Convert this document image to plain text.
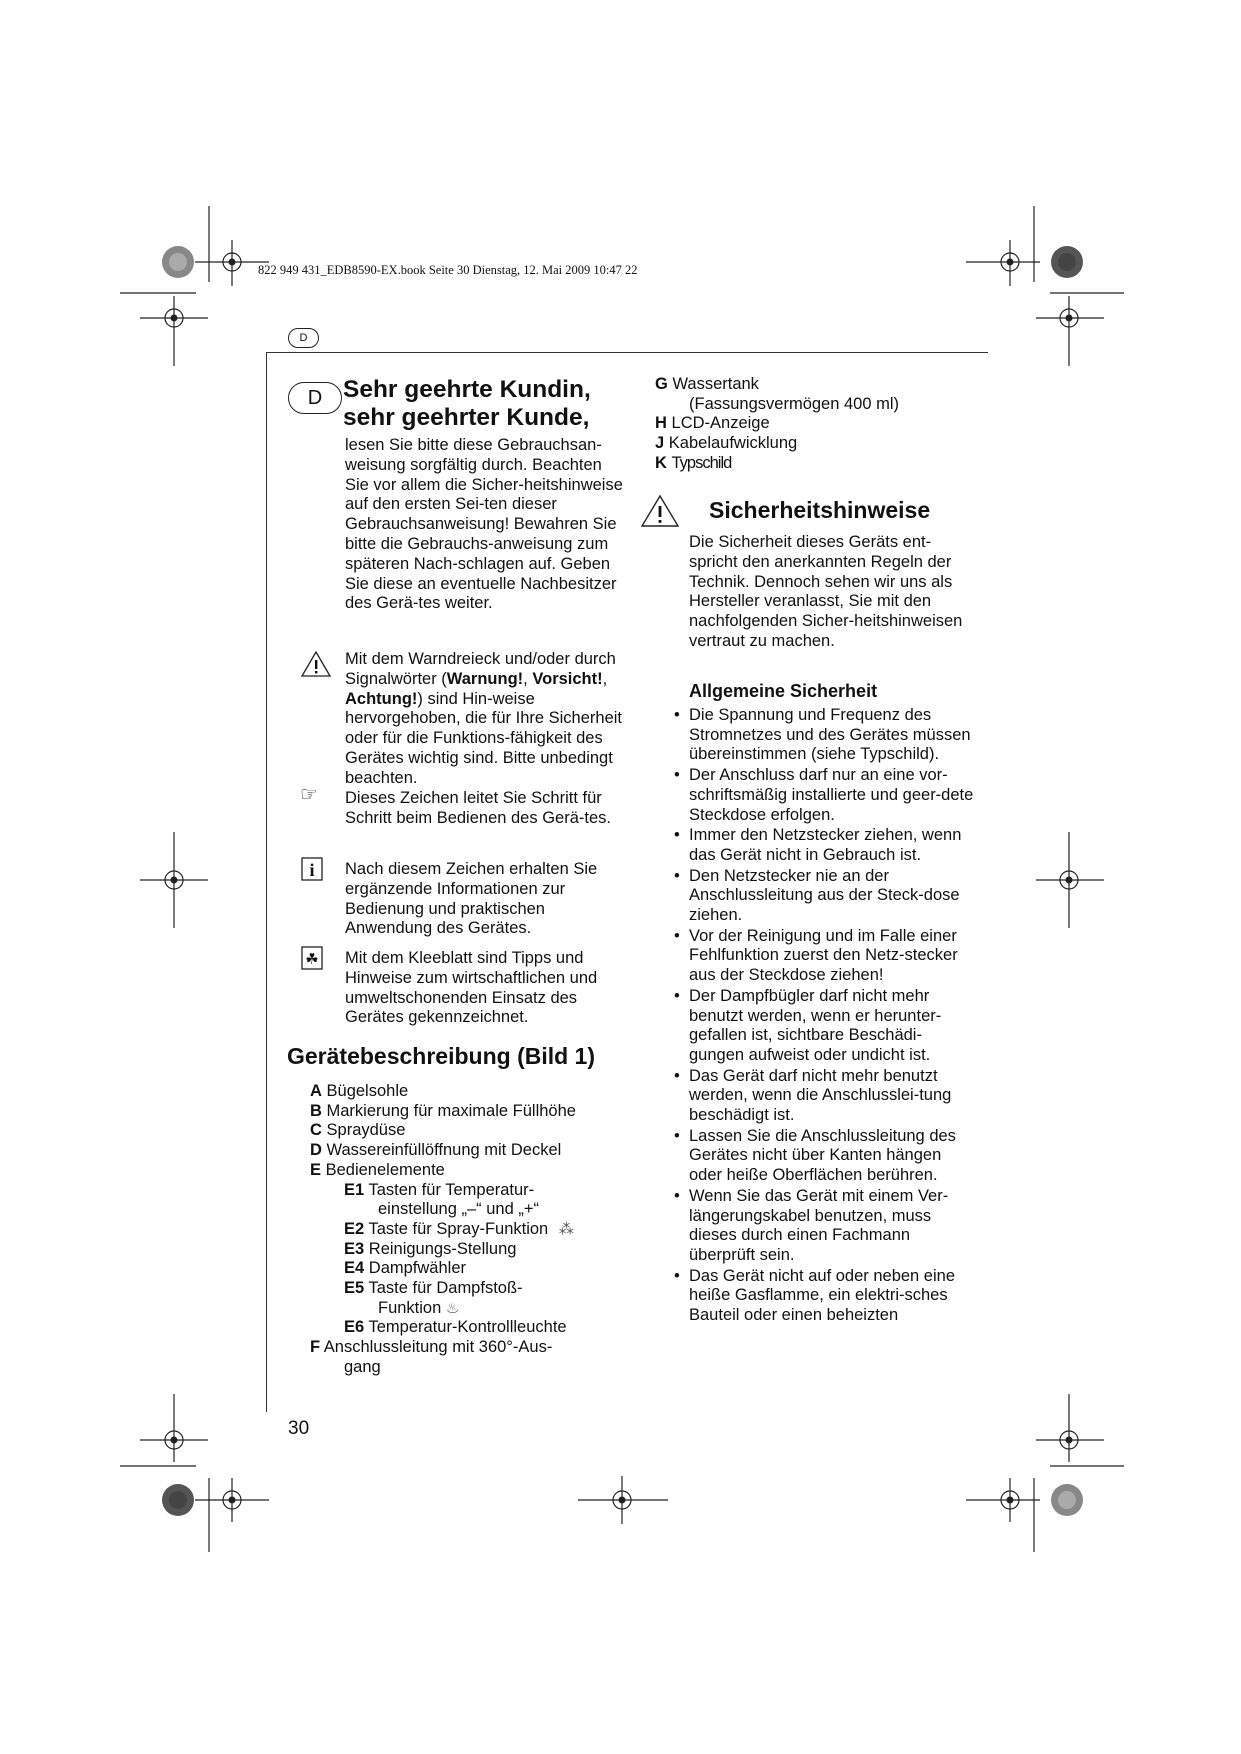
822 949 431_EDB8590-EX.book Seite 30 Dienstag, 12. Mai 2009 10:47 22
D
D Sehr geehrte Kundin,
sehr geehrter Kunde,
lesen Sie bitte diese Gebrauchsan-weisung sorgfältig durch. Beachten Sie vor allem die Sicher-heitshinweise auf den ersten Sei-ten dieser Gebrauchsanweisung! Bewahren Sie bitte die Gebrauchs-anweisung zum späteren Nach-schlagen auf. Geben Sie diese an eventuelle Nachbesitzer des Gerä-tes weiter.
Mit dem Warndreieck und/oder durch Signalwörter (Warnung!, Vorsicht!, Achtung!) sind Hin-weise hervorgehoben, die für Ihre Sicherheit oder für die Funktions-fähigkeit des Gerätes wichtig sind. Bitte unbedingt beachten.
☞ Dieses Zeichen leitet Sie Schritt für Schritt beim Bedienen des Gerä-tes.
i Nach diesem Zeichen erhalten Sie ergänzende Informationen zur Bedienung und praktischen Anwendung des Gerätes.
☘ Mit dem Kleeblatt sind Tipps und Hinweise zum wirtschaftlichen und umweltschonenden Einsatz des Gerätes gekennzeichnet.
Gerätebeschreibung (Bild 1)
A Bügelsohle
B Markierung für maximale Füllhöhe
C Spraydüse
D Wassereinfüllöffnung mit Deckel
E Bedienelemente
E1 Tasten für Temperatur-
einstellung „–“ und „+“
E2 Taste für Spray-Funktion ⁂
E3 Reinigungs-Stellung
E4 Dampfwähler
E5 Taste für Dampfstoß-
Funktion ♨
E6 Temperatur-Kontrollleuchte
F Anschlussleitung mit 360°-Aus-
gang
G Wassertank
(Fassungsvermögen 400 ml)
H LCD-Anzeige
J Kabelaufwicklung
K Typschild
Sicherheitshinweise
Die Sicherheit dieses Geräts ent-spricht den anerkannten Regeln der Technik. Dennoch sehen wir uns als Hersteller veranlasst, Sie mit den nachfolgenden Sicher-heitshinweisen vertraut zu machen.
Allgemeine Sicherheit
• Die Spannung und Frequenz des Stromnetzes und des Gerätes müssen übereinstimmen (siehe Typschild).
• Der Anschluss darf nur an eine vor-schriftsmäßig installierte und geer-dete Steckdose erfolgen.
• Immer den Netzstecker ziehen, wenn das Gerät nicht in Gebrauch ist.
• Den Netzstecker nie an der Anschlussleitung aus der Steck-dose ziehen.
• Vor der Reinigung und im Falle einer Fehlfunktion zuerst den Netz-stecker aus der Steckdose ziehen!
• Der Dampfbügler darf nicht mehr benutzt werden, wenn er herunter-gefallen ist, sichtbare Beschädi-gungen aufweist oder undicht ist.
• Das Gerät darf nicht mehr benutzt werden, wenn die Anschlusslei-tung beschädigt ist.
• Lassen Sie die Anschlussleitung des Gerätes nicht über Kanten hängen oder heiße Oberflächen berühren.
• Wenn Sie das Gerät mit einem Ver-längerungskabel benutzen, muss dieses durch einen Fachmann überprüft sein.
• Das Gerät nicht auf oder neben eine heiße Gasflamme, ein elektri-sches Bauteil oder einen beheizten
30
